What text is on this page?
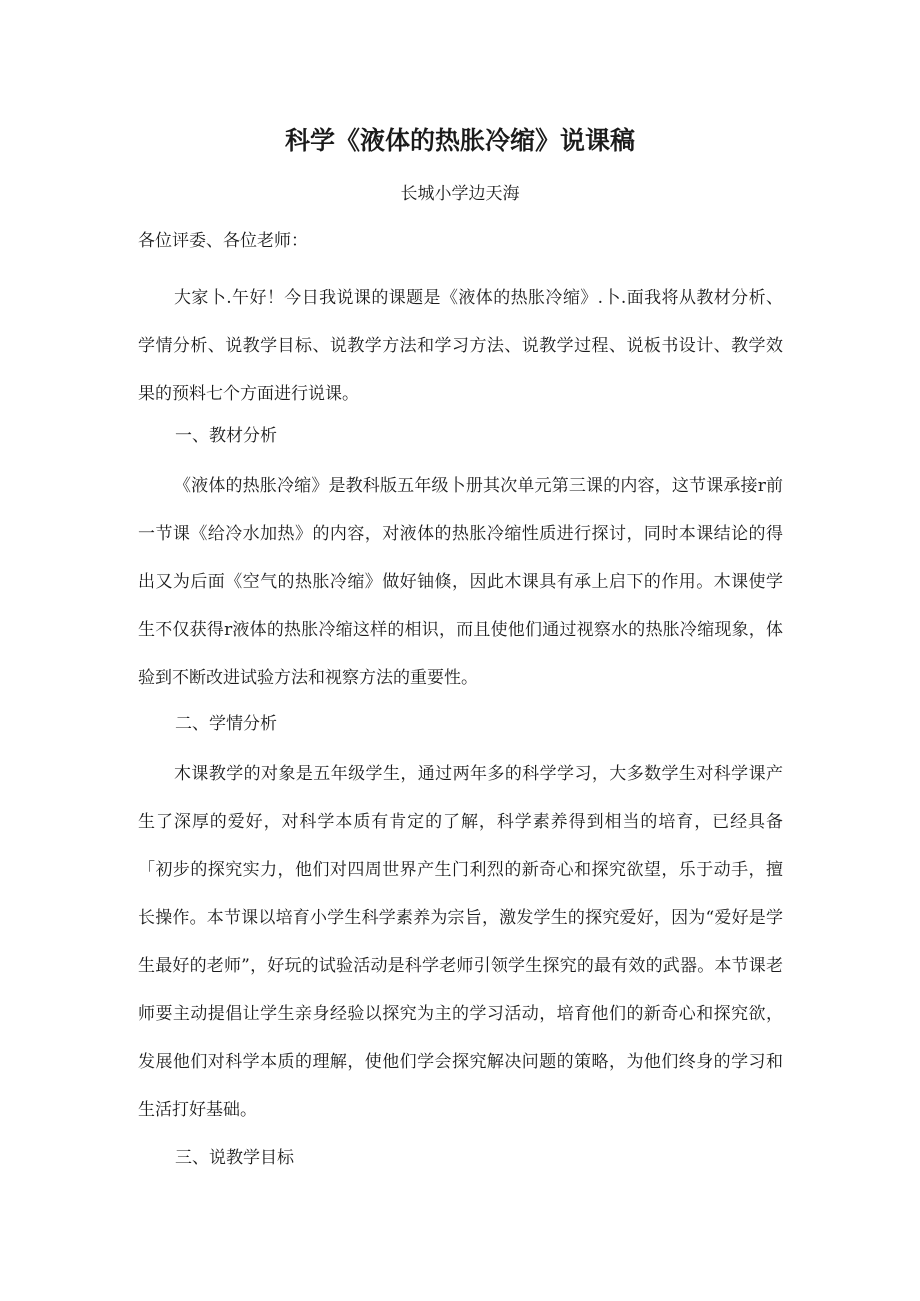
科学《液体的热胀冷缩》说课稿

长城小学边天海

各位评委、各位老师：

大家卜.午好！今日我说课的课题是《液体的热胀冷缩》.卜.面我将从教材分析、学情分析、说教学目标、说教学方法和学习方法、说教学过程、说板书设计、教学效果的预料七个方面进行说课。

一、教材分析

《液体的热胀冷缩》是教科版五年级卜册其次单元第三课的内容，这节课承接r前一节课《给冷水加热》的内容，对液体的热胀冷缩性质进行探讨，同时本课结论的得出又为后面《空气的热胀冷缩》做好铀倏，因此木课具有承上启下的作用。木课使学生不仅获得r液体的热胀冷缩这样的相识，而且使他们通过视察水的热胀冷缩现象，体验到不断改进试验方法和视察方法的重要性。

二、学情分析

木课教学的对象是五年级学生，通过两年多的科学学习，大多数学生对科学课产生了深厚的爱好，对科学本质有肯定的了解，科学素养得到相当的培育，已经具备「初步的探究实力，他们对四周世界产生门利烈的新奇心和探究欲望，乐于动手，擅长操作。本节课以培育小学生科学素养为宗旨，激发学生的探究爱好，因为“爱好是学生最好的老师”，好玩的试验活动是科学老师引领学生探究的最有效的武器。本节课老师要主动提倡让学生亲身经验以探究为主的学习活动，培育他们的新奇心和探究欲，发展他们对科学本质的理解，使他们学会探究解决问题的策略，为他们终身的学习和生活打好基础。

三、说教学目标
